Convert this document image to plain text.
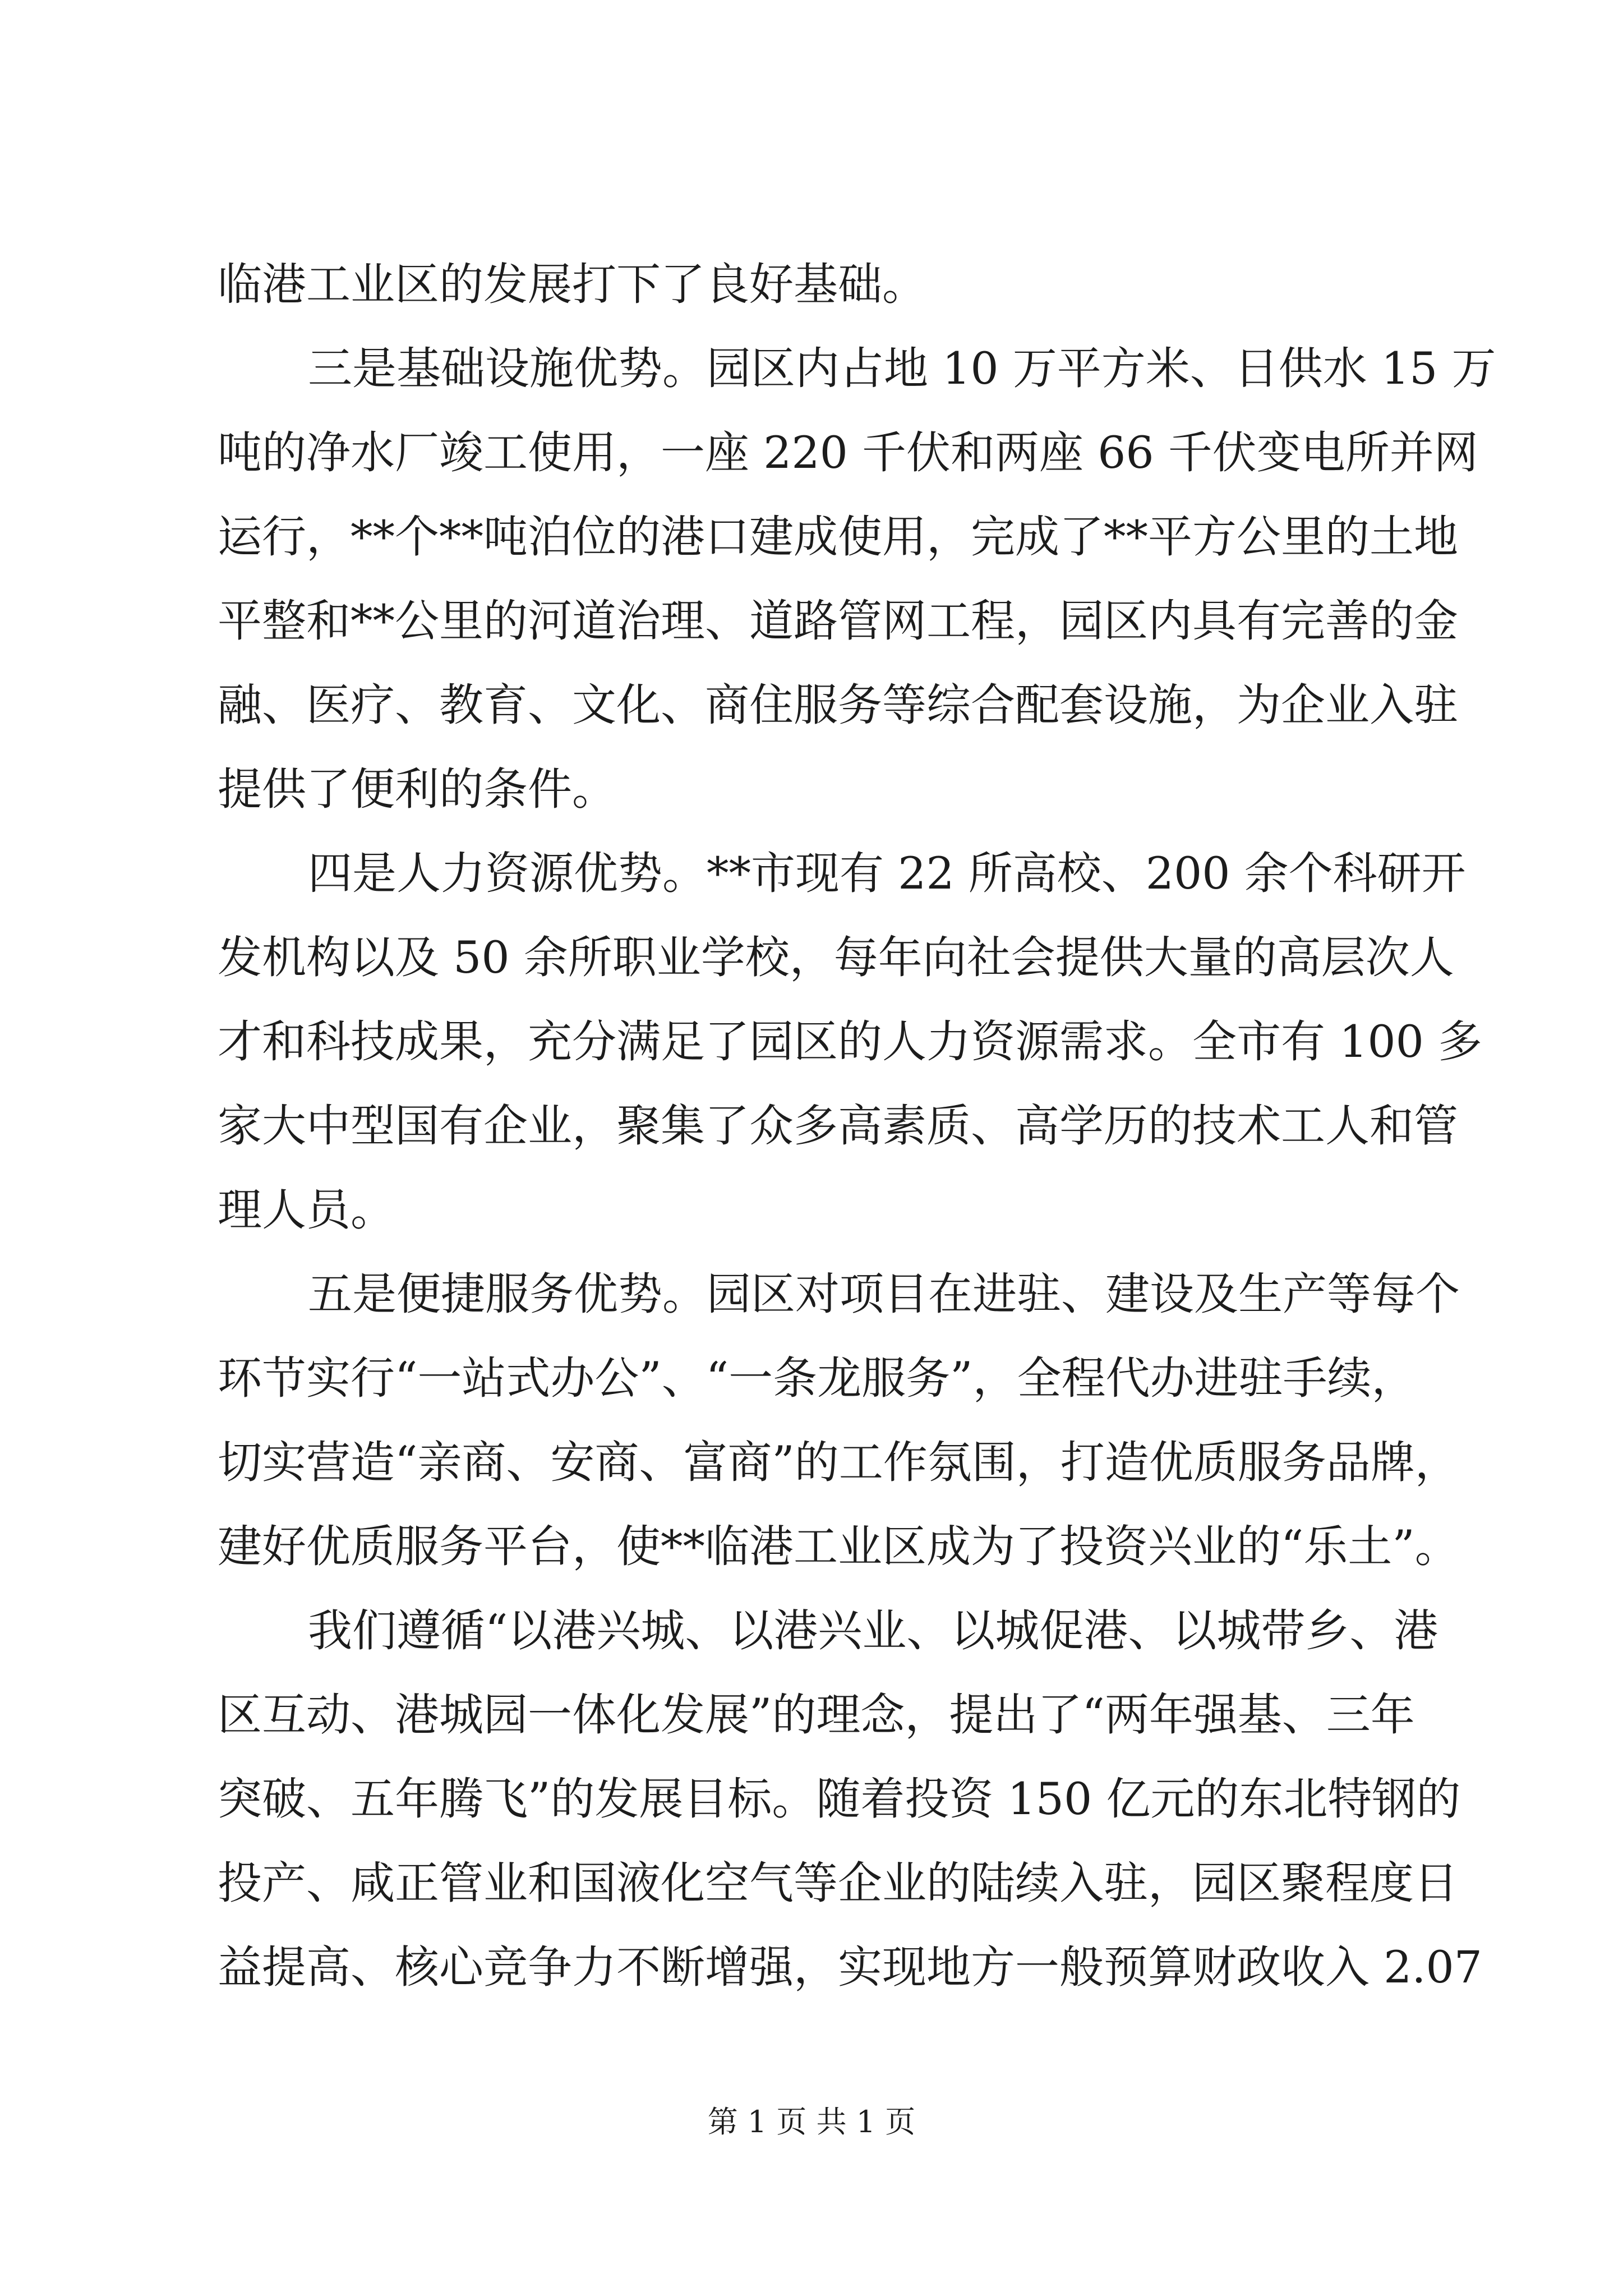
临港工业区的发展打下了良好基础。
三是基础设施优势。园区内占地 10 万平方米、日供水 15 万
吨的净水厂竣工使用，一座 220 千伏和两座 66 千伏变电所并网
运行，**个**吨泊位的港口建成使用，完成了**平方公里的土地
平整和**公里的河道治理、道路管网工程，园区内具有完善的金
融、医疗、教育、文化、商住服务等综合配套设施，为企业入驻
提供了便利的条件。
四是人力资源优势。**市现有 22 所高校、200 余个科研开
发机构以及 50 余所职业学校，每年向社会提供大量的高层次人
才和科技成果，充分满足了园区的人力资源需求。全市有 100 多
家大中型国有企业，聚集了众多高素质、高学历的技术工人和管
理人员。
五是便捷服务优势。园区对项目在进驻、建设及生产等每个
环节实行“一站式办公”、“一条龙服务”，全程代办进驻手续，
切实营造“亲商、安商、富商”的工作氛围，打造优质服务品牌，
建好优质服务平台，使**临港工业区成为了投资兴业的“乐土”。
我们遵循“以港兴城、以港兴业、以城促港、以城带乡、港
区互动、港城园一体化发展”的理念，提出了“两年强基、三年
突破、五年腾飞”的发展目标。随着投资 150 亿元的东北特钢的
投产、咸正管业和国液化空气等企业的陆续入驻，园区聚程度日
益提高、核心竞争力不断增强，实现地方一般预算财政收入 2.07
第 1 页 共 1 页
